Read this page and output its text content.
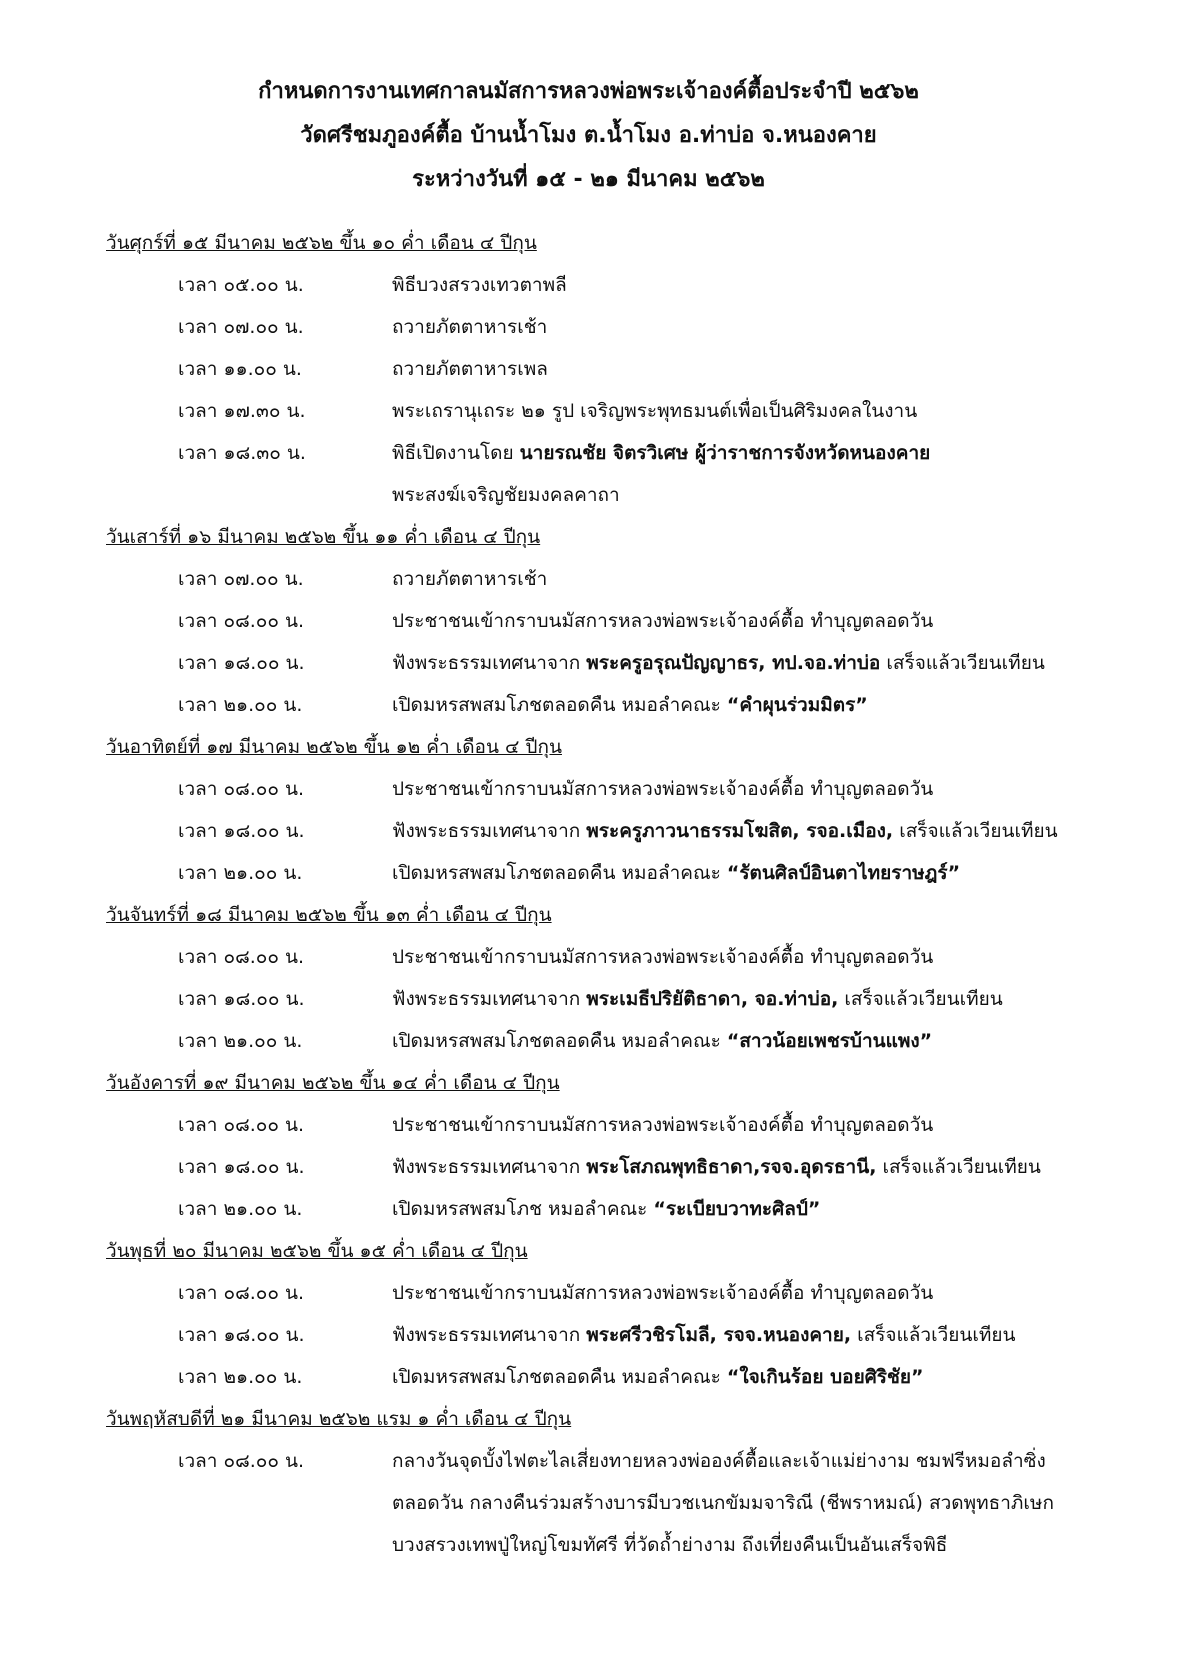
กำหนดการงานเทศกาลนมัสการหลวงพ่อพระเจ้าองค์ตื้อประจำปี ๒๕๖๒
วัดศรีชมภูองค์ตื้อ บ้านน้ำโมง ต.น้ำโมง อ.ท่าบ่อ จ.หนองคาย
ระหว่างวันที่ ๑๕ - ๒๑ มีนาคม ๒๕๖๒
วันศุกร์ที่ ๑๕ มีนาคม ๒๕๖๒ ขึ้น ๑๐ ค่ำ เดือน ๔ ปีกุน
เวลา ๐๕.๐๐ น.	พิธีบวงสรวงเทวตาพลี
เวลา ๐๗.๐๐ น.	ถวายภัตตาหารเช้า
เวลา ๑๑.๐๐ น.	ถวายภัตตาหารเพล
เวลา ๑๗.๓๐ น.	พระเถรานุเถระ ๒๑ รูป เจริญพระพุทธมนต์เพื่อเป็นศิริมงคลในงาน
เวลา ๑๘.๓๐ น.	พิธีเปิดงานโดย นายรณชัย จิตรวิเศษ ผู้ว่าราชการจังหวัดหนองคาย
พระสงฆ์เจริญชัยมงคลคาถา
วันเสาร์ที่ ๑๖ มีนาคม ๒๕๖๒ ขึ้น ๑๑ ค่ำ เดือน ๔ ปีกุน
เวลา ๐๗.๐๐ น.	ถวายภัตตาหารเช้า
เวลา ๐๘.๐๐ น.	ประชาชนเข้ากราบนมัสการหลวงพ่อพระเจ้าองค์ตื้อ ทำบุญตลอดวัน
เวลา ๑๘.๐๐ น.	ฟังพระธรรมเทศนาจาก พระครูอรุณปัญญาธร, ทป.จอ.ท่าบ่อ เสร็จแล้วเวียนเทียน
เวลา ๒๑.๐๐ น.	เปิดมหรสพสมโภชตลอดคืน หมอลำคณะ “คำผุนร่วมมิตร”
วันอาทิตย์ที่ ๑๗ มีนาคม ๒๕๖๒ ขึ้น ๑๒ ค่ำ เดือน ๔ ปีกุน
เวลา ๐๘.๐๐ น.	ประชาชนเข้ากราบนมัสการหลวงพ่อพระเจ้าองค์ตื้อ ทำบุญตลอดวัน
เวลา ๑๘.๐๐ น.	ฟังพระธรรมเทศนาจาก พระครูภาวนาธรรมโฆสิต, รจอ.เมือง, เสร็จแล้วเวียนเทียน
เวลา ๒๑.๐๐ น.	เปิดมหรสพสมโภชตลอดคืน หมอลำคณะ “รัตนศิลป์อินตาไทยราษฎร์”
วันจันทร์ที่ ๑๘ มีนาคม ๒๕๖๒ ขึ้น ๑๓ ค่ำ เดือน ๔ ปีกุน
เวลา ๐๘.๐๐ น.	ประชาชนเข้ากราบนมัสการหลวงพ่อพระเจ้าองค์ตื้อ ทำบุญตลอดวัน
เวลา ๑๘.๐๐ น.	ฟังพระธรรมเทศนาจาก พระเมธีปริยัติธาดา, จอ.ท่าบ่อ, เสร็จแล้วเวียนเทียน
เวลา ๒๑.๐๐ น.	เปิดมหรสพสมโภชตลอดคืน หมอลำคณะ “สาวน้อยเพชรบ้านแพง”
วันอังคารที่ ๑๙ มีนาคม ๒๕๖๒ ขึ้น ๑๔ ค่ำ เดือน ๔ ปีกุน
เวลา ๐๘.๐๐ น.	ประชาชนเข้ากราบนมัสการหลวงพ่อพระเจ้าองค์ตื้อ ทำบุญตลอดวัน
เวลา ๑๘.๐๐ น.	ฟังพระธรรมเทศนาจาก พระโสภณพุทธิธาดา,รจจ.อุดรธานี, เสร็จแล้วเวียนเทียน
เวลา ๒๑.๐๐ น.	เปิดมหรสพสมโภช หมอลำคณะ “ระเบียบวาทะศิลป์”
วันพุธที่ ๒๐ มีนาคม ๒๕๖๒ ขึ้น ๑๕ ค่ำ เดือน ๔ ปีกุน
เวลา ๐๘.๐๐ น.	ประชาชนเข้ากราบนมัสการหลวงพ่อพระเจ้าองค์ตื้อ ทำบุญตลอดวัน
เวลา ๑๘.๐๐ น.	ฟังพระธรรมเทศนาจาก พระศรีวชิรโมลี, รจจ.หนองคาย, เสร็จแล้วเวียนเทียน
เวลา ๒๑.๐๐ น.	เปิดมหรสพสมโภชตลอดคืน หมอลำคณะ “ใจเกินร้อย บอยศิริชัย”
วันพฤหัสบดีที่ ๒๑ มีนาคม ๒๕๖๒ แรม ๑ ค่ำ เดือน ๔ ปีกุน
เวลา ๐๘.๐๐ น.	กลางวันจุดบั้งไฟตะไลเสี่ยงทายหลวงพ่อองค์ตื้อและเจ้าแม่ย่างาม ชมฟรีหมอลำซิ่ง
ตลอดวัน กลางคืนร่วมสร้างบารมีบวชเนกขัมมจาริณี (ชีพราหมณ์) สวดพุทธาภิเษก
บวงสรวงเทพปู่ใหญ่โขมทัศรี ที่วัดถ้ำย่างาม ถึงเที่ยงคืนเป็นอันเสร็จพิธี
